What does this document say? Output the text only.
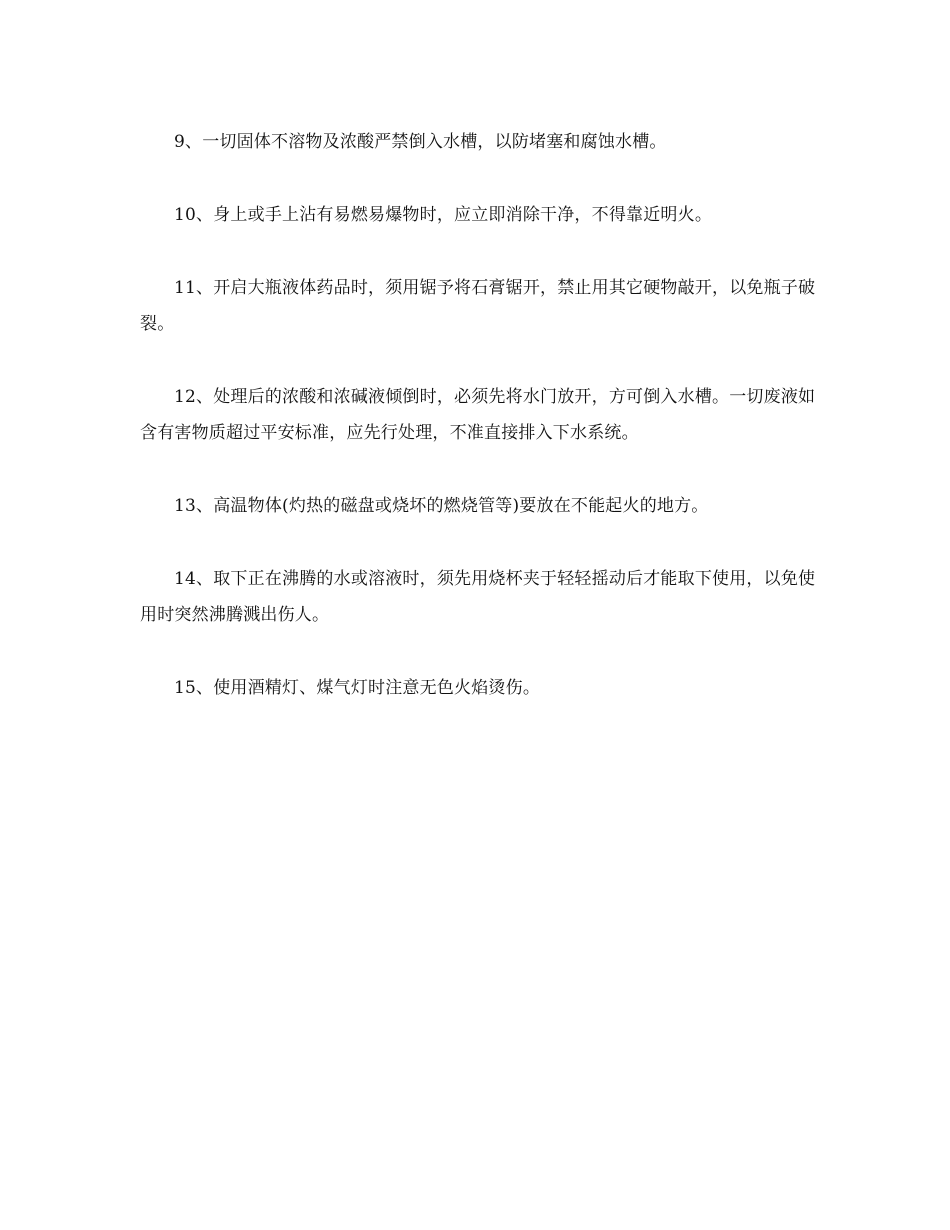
9、一切固体不溶物及浓酸严禁倒入水槽，以防堵塞和腐蚀水槽。

10、身上或手上沾有易燃易爆物时，应立即消除干净，不得靠近明火。

11、开启大瓶液体药品时，须用锯予将石膏锯开，禁止用其它硬物敲开，以免瓶子破裂。

12、处理后的浓酸和浓碱液倾倒时，必须先将水门放开，方可倒入水槽。一切废液如含有害物质超过平安标准，应先行处理，不准直接排入下水系统。

13、高温物体(灼热的磁盘或烧坏的燃烧管等)要放在不能起火的地方。

14、取下正在沸腾的水或溶液时，须先用烧杯夹于轻轻摇动后才能取下使用，以免使用时突然沸腾溅出伤人。

15、使用酒精灯、煤气灯时注意无色火焰烫伤。
